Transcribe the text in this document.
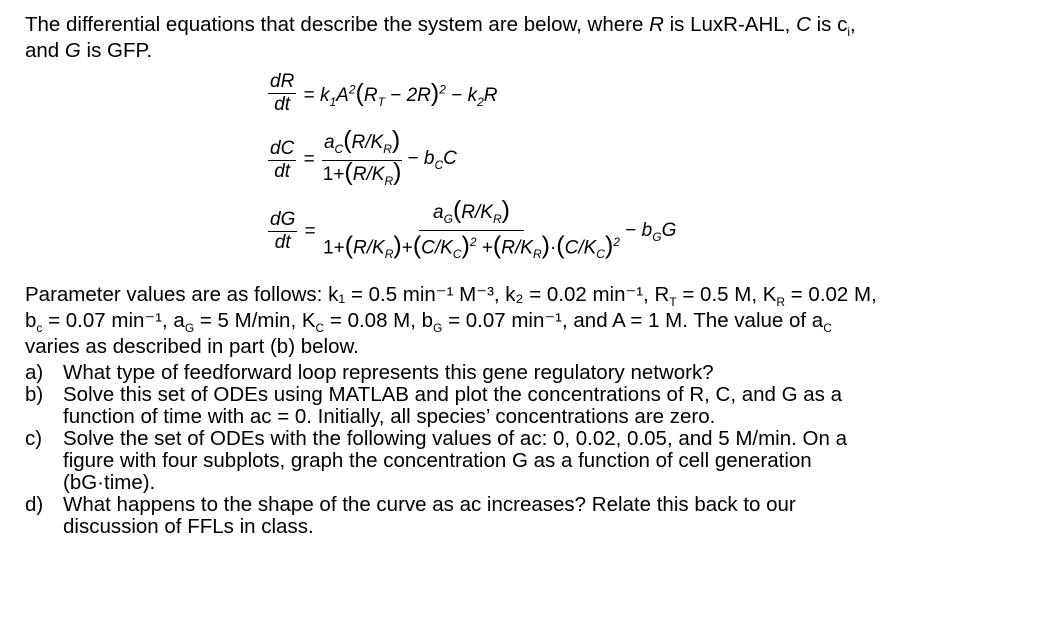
The differential equations that describe the system are below, where R is LuxR-AHL, C is $c_i$,
and G is GFP.
$\frac{dR}{dt} = k_1A^2(R_T - 2R)^2 - k_2R$
$\frac{dC}{dt} = \frac{a_C(R/K_R)}{1+(R/K_R)} - b_CC$
$\frac{dG}{dt} = \frac{a_G(R/K_R)}{1+(R/K_R)+(C/K_C)^2 +(R/K_R)\cdot(C/K_C)^2} - b_GG$
Parameter values are as follows: k₁ = 0.5 min⁻¹ M⁻³, k₂ = 0.02 min⁻¹, $R_T = 0.5$ M, $K_R = 0.02$ M,
$b_c = 0.07$ min⁻¹, $a_G = 5$ M/min, $K_C = 0.08$ M, $b_G = 0.07$ min⁻¹, and A = 1 M. The value of $a_C$
varies as described in part (b) below.
a) What type of feedforward loop represents this gene regulatory network?
b) Solve this set of ODEs using MATLAB and plot the concentrations of R, C, and G as a
function of time with ac = 0. Initially, all species’ concentrations are zero.
c) Solve the set of ODEs with the following values of ac: 0, 0.02, 0.05, and 5 M/min. On a
figure with four subplots, graph the concentration G as a function of cell generation
(bG·time).
d) What happens to the shape of the curve as ac increases? Relate this back to our
discussion of FFLs in class.
